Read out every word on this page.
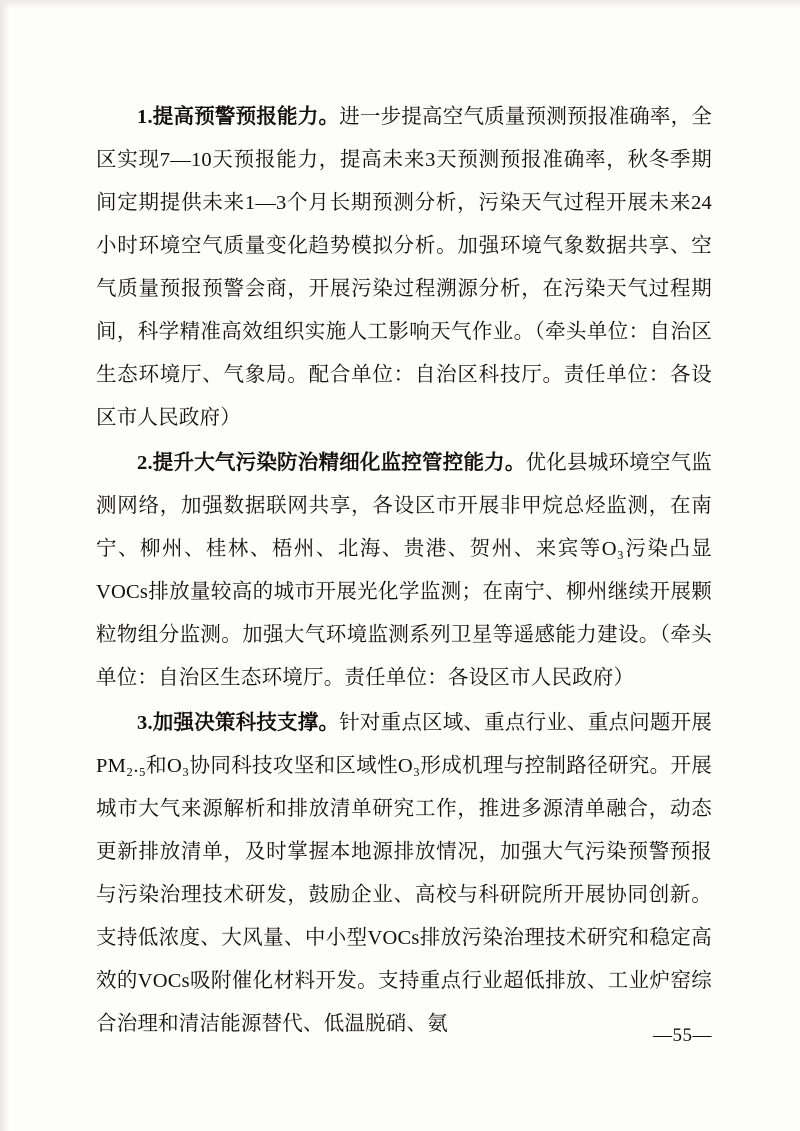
1.提高预警预报能力。进一步提高空气质量预测预报准确率，全区实现7—10天预报能力，提高未来3天预测预报准确率，秋冬季期间定期提供未来1—3个月长期预测分析，污染天气过程开展未来24小时环境空气质量变化趋势模拟分析。加强环境气象数据共享、空气质量预报预警会商，开展污染过程溯源分析，在污染天气过程期间，科学精准高效组织实施人工影响天气作业。（牵头单位：自治区生态环境厅、气象局。配合单位：自治区科技厅。责任单位：各设区市人民政府）

2.提升大气污染防治精细化监控管控能力。优化县城环境空气监测网络，加强数据联网共享，各设区市开展非甲烷总烃监测，在南宁、柳州、桂林、梧州、北海、贵港、贺州、来宾等O₃污染凸显VOCs排放量较高的城市开展光化学监测；在南宁、柳州继续开展颗粒物组分监测。加强大气环境监测系列卫星等遥感能力建设。（牵头单位：自治区生态环境厅。责任单位：各设区市人民政府）

3.加强决策科技支撑。针对重点区域、重点行业、重点问题开展PM₂.₅和O₃协同科技攻坚和区域性O₃形成机理与控制路径研究。开展城市大气来源解析和排放清单研究工作，推进多源清单融合，动态更新排放清单，及时掌握本地源排放情况，加强大气污染预警预报与污染治理技术研发，鼓励企业、高校与科研院所开展协同创新。支持低浓度、大风量、中小型VOCs排放污染治理技术研究和稳定高效的VOCs吸附催化材料开发。支持重点行业超低排放、工业炉窑综合治理和清洁能源替代、低温脱硝、氨

—55—
